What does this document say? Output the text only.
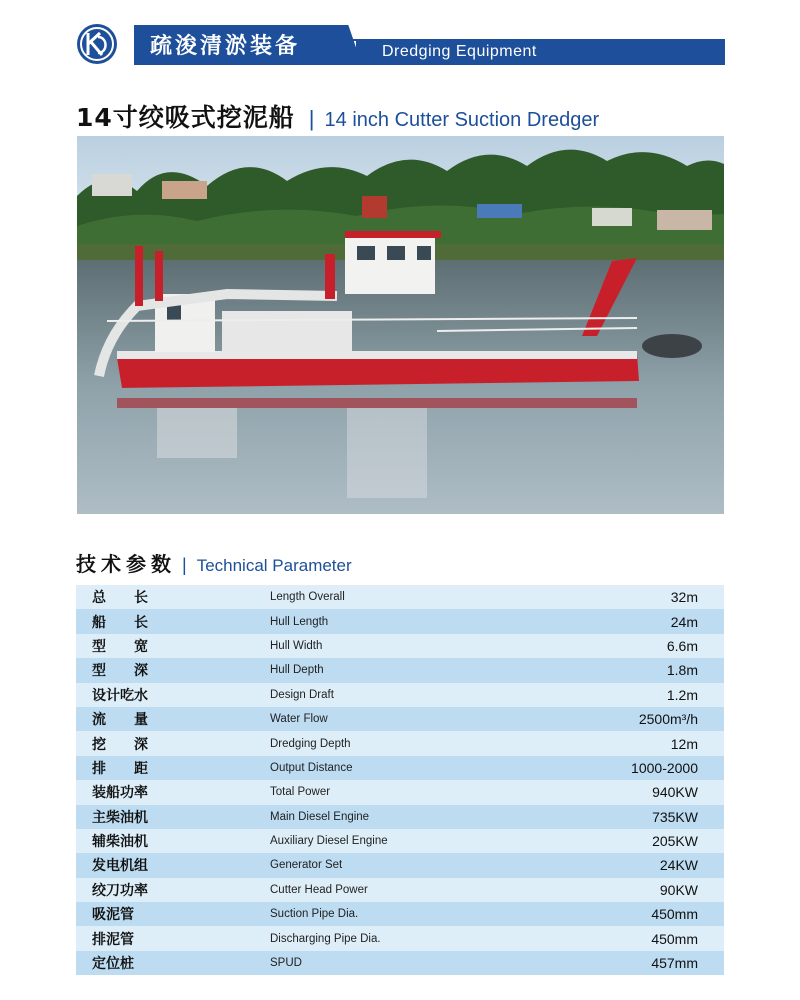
疏浚清淤装备	Dredging Equipment
14寸绞吸式挖泥船 | 14 inch Cutter Suction Dredger
技术参数 | Technical Parameter
总　　长	Length Overall	32m
船　　长	Hull Length	24m
型　　宽	Hull Width	6.6m
型　　深	Hull Depth	1.8m
设计吃水	Design Draft	1.2m
流　　量	Water Flow	2500m³/h
挖　　深	Dredging Depth	12m
排　　距	Output Distance	1000-2000
装船功率	Total Power	940KW
主柴油机	Main Diesel Engine	735KW
辅柴油机	Auxiliary Diesel Engine	205KW
发电机组	Generator Set	24KW
绞刀功率	Cutter Head Power	90KW
吸泥管	Suction Pipe Dia.	450mm
排泥管	Discharging Pipe Dia.	450mm
定位桩	SPUD	457mm
